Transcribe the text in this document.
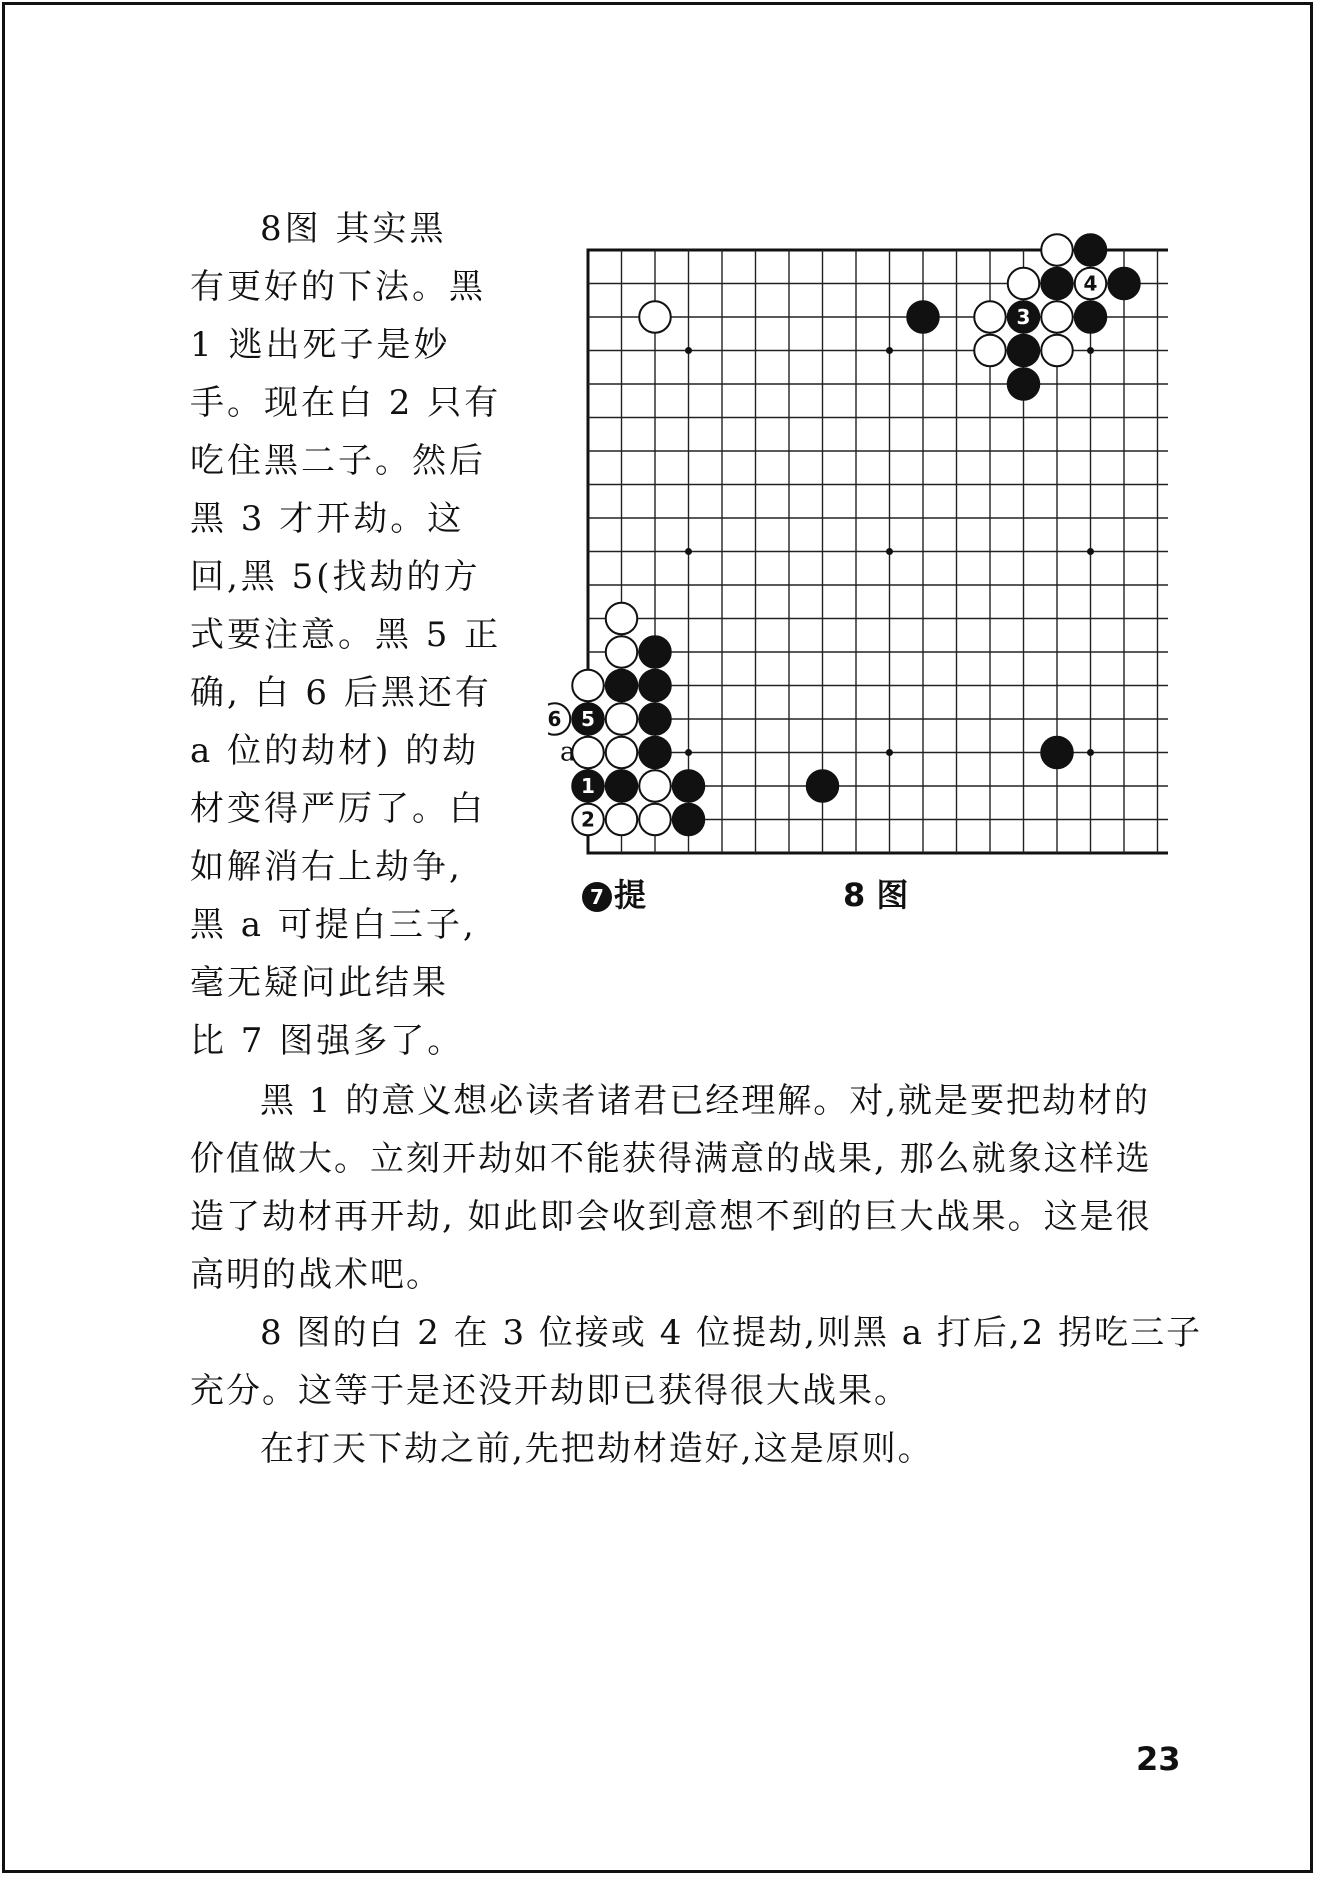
8图 其实黑
有更好的下法。黑
1 逃出死子是妙
手。现在白 2 只有
吃住黑二子。然后
黑 3 才开劫。这
回,黑 5(找劫的方
式要注意。黑 5 正
确, 白 6 后黑还有
a 位的劫材) 的劫
材变得严厉了。白
如解消右上劫争,
黑 a 可提白三子,
毫无疑问此结果
比 7 图强多了。
4
3
6 5
1
2
a
7 提	8 图
黑 1 的意义想必读者诸君已经理解。对,就是要把劫材的
价值做大。立刻开劫如不能获得满意的战果, 那么就象这样选
造了劫材再开劫, 如此即会收到意想不到的巨大战果。这是很
高明的战术吧。
8 图的白 2 在 3 位接或 4 位提劫,则黑 a 打后,2 拐吃三子
充分。这等于是还没开劫即已获得很大战果。
在打天下劫之前,先把劫材造好,这是原则。
23
